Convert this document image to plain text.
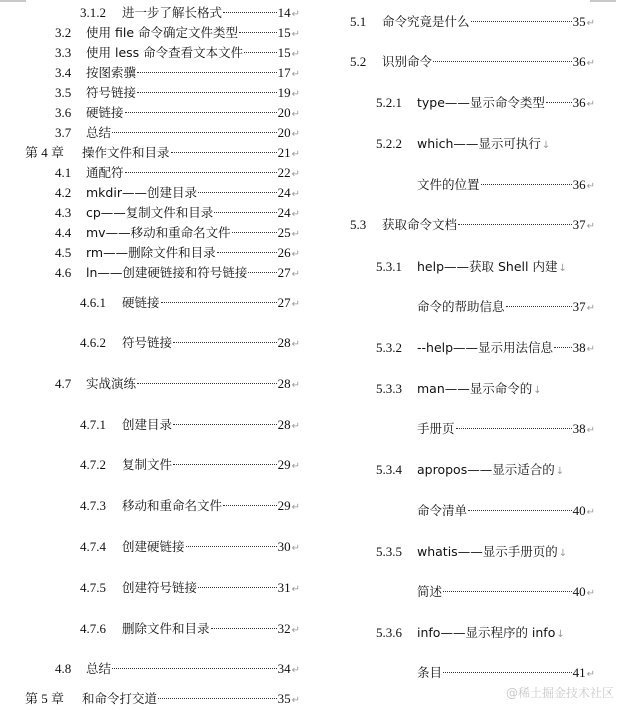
3.1.2	进一步了解长格式	14 ↵
3.2	使用 file 命令确定文件类型	15 ↵
3.3	使用 less 命令查看文本文件	15 ↵
3.4	按图索骥	17 ↵
3.5	符号链接	19 ↵
3.6	硬链接	20 ↵
3.7	总结	20 ↵
第 4 章	操作文件和目录	21 ↵
4.1	通配符	22 ↵
4.2	mkdir——创建目录	24 ↵
4.3	cp——复制文件和目录	24 ↵
4.4	mv——移动和重命名文件	25 ↵
4.5	rm——删除文件和目录	26 ↵
4.6	ln——创建硬链接和符号链接 27 ↵
4.6.1	硬链接	27 ↵
4.6.2	符号链接	28 ↵
4.7	实战演练	28 ↵
4.7.1	创建目录	28 ↵
4.7.2	复制文件	29 ↵
4.7.3	移动和重命名文件	29 ↵
4.7.4	创建硬链接	30 ↵
4.7.5	创建符号链接	31 ↵
4.7.6	删除文件和目录	32 ↵
4.8	总结	34 ↵
第 5 章	和命令打交道	35 ↵
5.1	命令究竟是什么	35 ↵
5.2	识别命令	36 ↵
5.2.1	type——显示命令类型 36 ↵
5.2.2	which——显示可执行 ↓
文件的位置	36 ↵
5.3	获取命令文档	37 ↵
5.3.1	help——获取 Shell 内建 ↓
命令的帮助信息	37 ↵
5.3.2	--help——显示用法信息 38 ↵
5.3.3	man——显示命令的 ↓
手册页	38 ↵
5.3.4	apropos——显示适合的 ↓
命令清单	40 ↵
5.3.5	whatis——显示手册页的 ↓
简述	40 ↵
5.3.6	info——显示程序的 info ↓
条目	41 ↵
@稀土掘金技术社区
